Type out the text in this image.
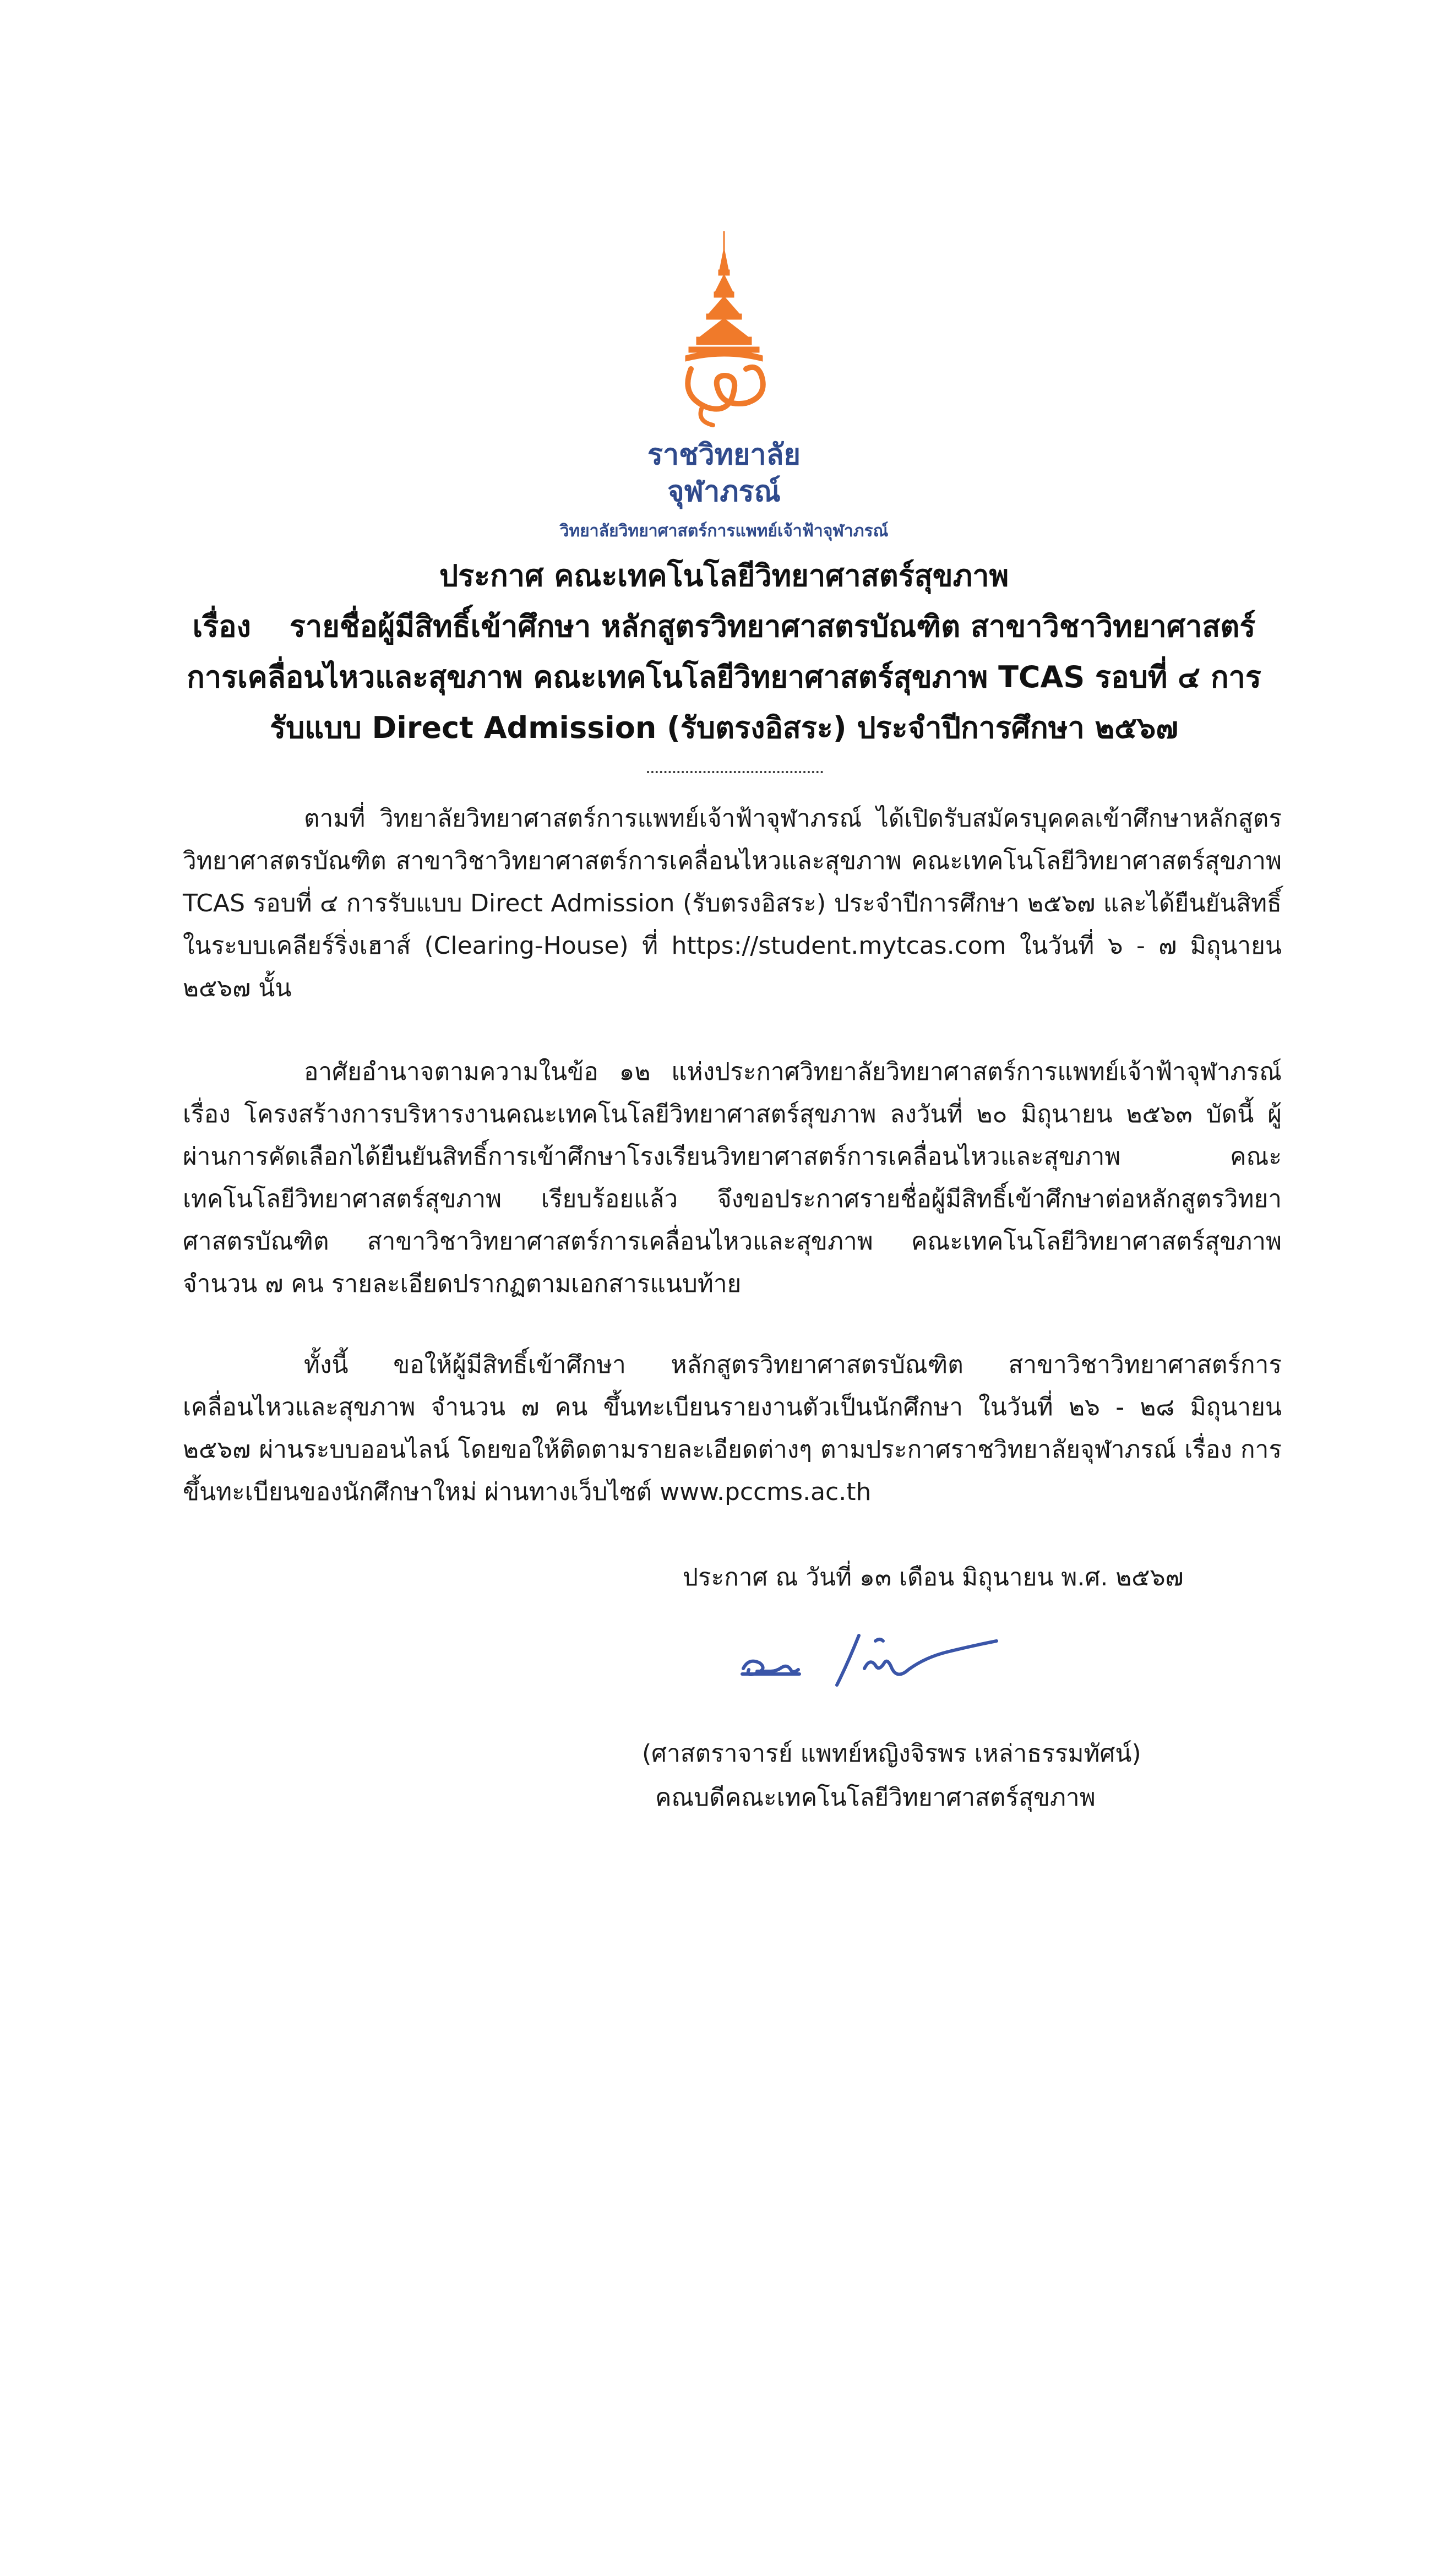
ราชวิทยาลัย
จุฬาภรณ์
วิทยาลัยวิทยาศาสตร์การแพทย์เจ้าฟ้าจุฬาภรณ์
ประกาศ คณะเทคโนโลยีวิทยาศาสตร์สุขภาพ
เรื่อง รายชื่อผู้มีสิทธิ์เข้าศึกษา หลักสูตรวิทยาศาสตรบัณฑิต สาขาวิชาวิทยาศาสตร์การเคลื่อนไหวและสุขภาพ คณะเทคโนโลยีวิทยาศาสตร์สุขภาพ TCAS รอบที่ ๔ การรับแบบ Direct Admission (รับตรงอิสระ) ประจำปีการศึกษา ๒๕๖๗
ตามที่ วิทยาลัยวิทยาศาสตร์การแพทย์เจ้าฟ้าจุฬาภรณ์ ได้เปิดรับสมัครบุคคลเข้าศึกษาหลักสูตรวิทยาศาสตรบัณฑิต สาขาวิชาวิทยาศาสตร์การเคลื่อนไหวและสุขภาพ คณะเทคโนโลยีวิทยาศาสตร์สุขภาพ TCAS รอบที่ ๔ การรับแบบ Direct Admission (รับตรงอิสระ) ประจำปีการศึกษา ๒๕๖๗ และได้ยืนยันสิทธิ์ในระบบเคลียร์ริ่งเฮาส์ (Clearing-House) ที่ https://student.mytcas.com ในวันที่ ๖ - ๗ มิถุนายน ๒๕๖๗ นั้น
อาศัยอำนาจตามความในข้อ ๑๒ แห่งประกาศวิทยาลัยวิทยาศาสตร์การแพทย์เจ้าฟ้าจุฬาภรณ์ เรื่อง โครงสร้างการบริหารงานคณะเทคโนโลยีวิทยาศาสตร์สุขภาพ ลงวันที่ ๒๐ มิถุนายน ๒๕๖๓ บัดนี้ ผู้ผ่านการคัดเลือกได้ยืนยันสิทธิ์การเข้าศึกษาโรงเรียนวิทยาศาสตร์การเคลื่อนไหวและสุขภาพ คณะเทคโนโลยีวิทยาศาสตร์สุขภาพ เรียบร้อยแล้ว จึงขอประกาศรายชื่อผู้มีสิทธิ์เข้าศึกษาต่อหลักสูตรวิทยาศาสตรบัณฑิต สาขาวิชาวิทยาศาสตร์การเคลื่อนไหวและสุขภาพ คณะเทคโนโลยีวิทยาศาสตร์สุขภาพ จำนวน ๗ คน รายละเอียดปรากฏตามเอกสารแนบท้าย
ทั้งนี้ ขอให้ผู้มีสิทธิ์เข้าศึกษา หลักสูตรวิทยาศาสตรบัณฑิต สาขาวิชาวิทยาศาสตร์การเคลื่อนไหวและสุขภาพ จำนวน ๗ คน ขึ้นทะเบียนรายงานตัวเป็นนักศึกษา ในวันที่ ๒๖ - ๒๘ มิถุนายน ๒๕๖๗ ผ่านระบบออนไลน์ โดยขอให้ติดตามรายละเอียดต่างๆ ตามประกาศราชวิทยาลัยจุฬาภรณ์ เรื่อง การขึ้นทะเบียนของนักศึกษาใหม่ ผ่านทางเว็บไซต์ www.pccms.ac.th
ประกาศ ณ วันที่ ๑๓ เดือน มิถุนายน พ.ศ. ๒๕๖๗
(ศาสตราจารย์ แพทย์หญิงจิรพร เหล่าธรรมทัศน์)
คณบดีคณะเทคโนโลยีวิทยาศาสตร์สุขภาพ
